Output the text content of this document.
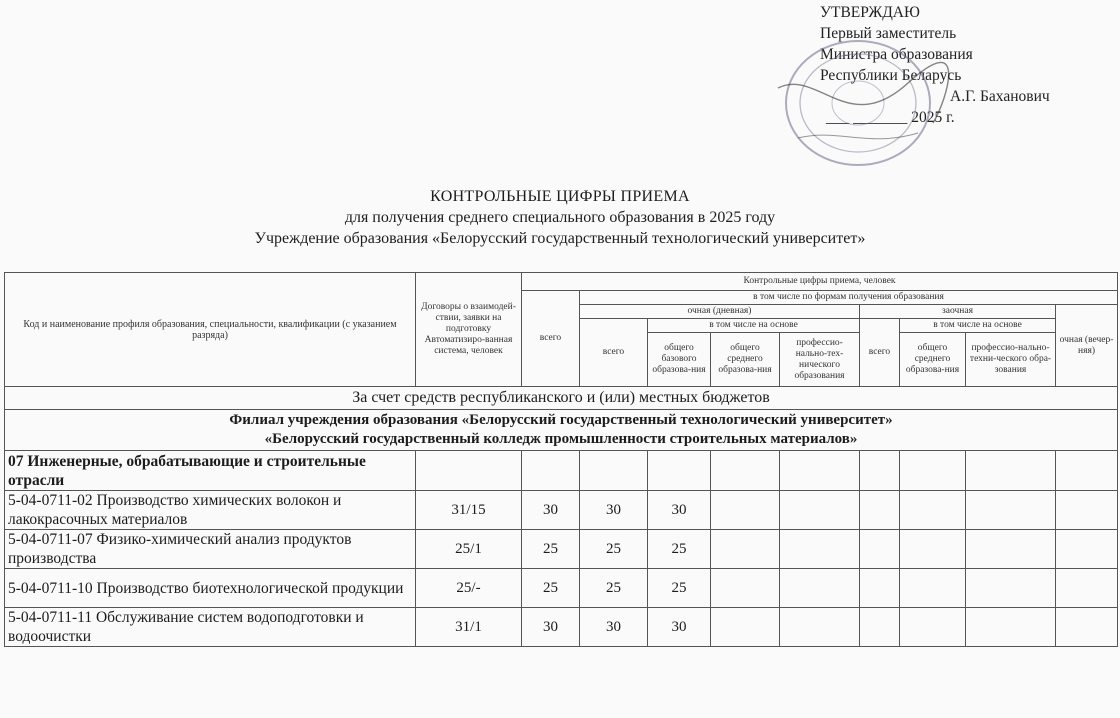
УТВЕРЖДАЮ
Первый заместитель
Министра образования
Республики Беларусь
А.Г. Баханович
___ _______ 2025 г.
КОНТРОЛЬНЫЕ ЦИФРЫ ПРИЕМА
для получения среднего специального образования в 2025 году
Учреждение образования «Белорусский государственный технологический университет»
Код и наименование профиля образования, специальности, квалификации (с указанием разряда)	Договоры о взаимодей-ствии, заявки на подготовку Автоматизиро-ванная система, человек	Контрольные цифры приема, человек								
		всего	в том числе по формам получения образования							
			очная (дневная)				заочная			очная (вечер-няя)
			всего	в том числе на основе			всего	в том числе на основе		
				общего базового образова-ния	общего среднего образова-ния	профессио-нально-тех-нического образования		общего среднего образова-ния	профессио-нально-техни-ческого обра-зования	
За счет средств республиканского и (или) местных бюджетов										

Филиал учреждения образования «Белорусский государственный технологический университет»
«Белорусский государственный колледж промышленности строительных материалов»										

07 Инженерные, обрабатывающие и строительные отрасли										
5-04-0711-02 Производство химических волокон и лакокрасочных материалов	31/15	30	30	30						
5-04-0711-07 Физико-химический анализ продуктов производства	25/1	25	25	25						
5-04-0711-10 Производство биотехнологической продукции	25/-	25	25	25						
5-04-0711-11 Обслуживание систем водоподготовки и водоочистки	31/1	30	30	30						
